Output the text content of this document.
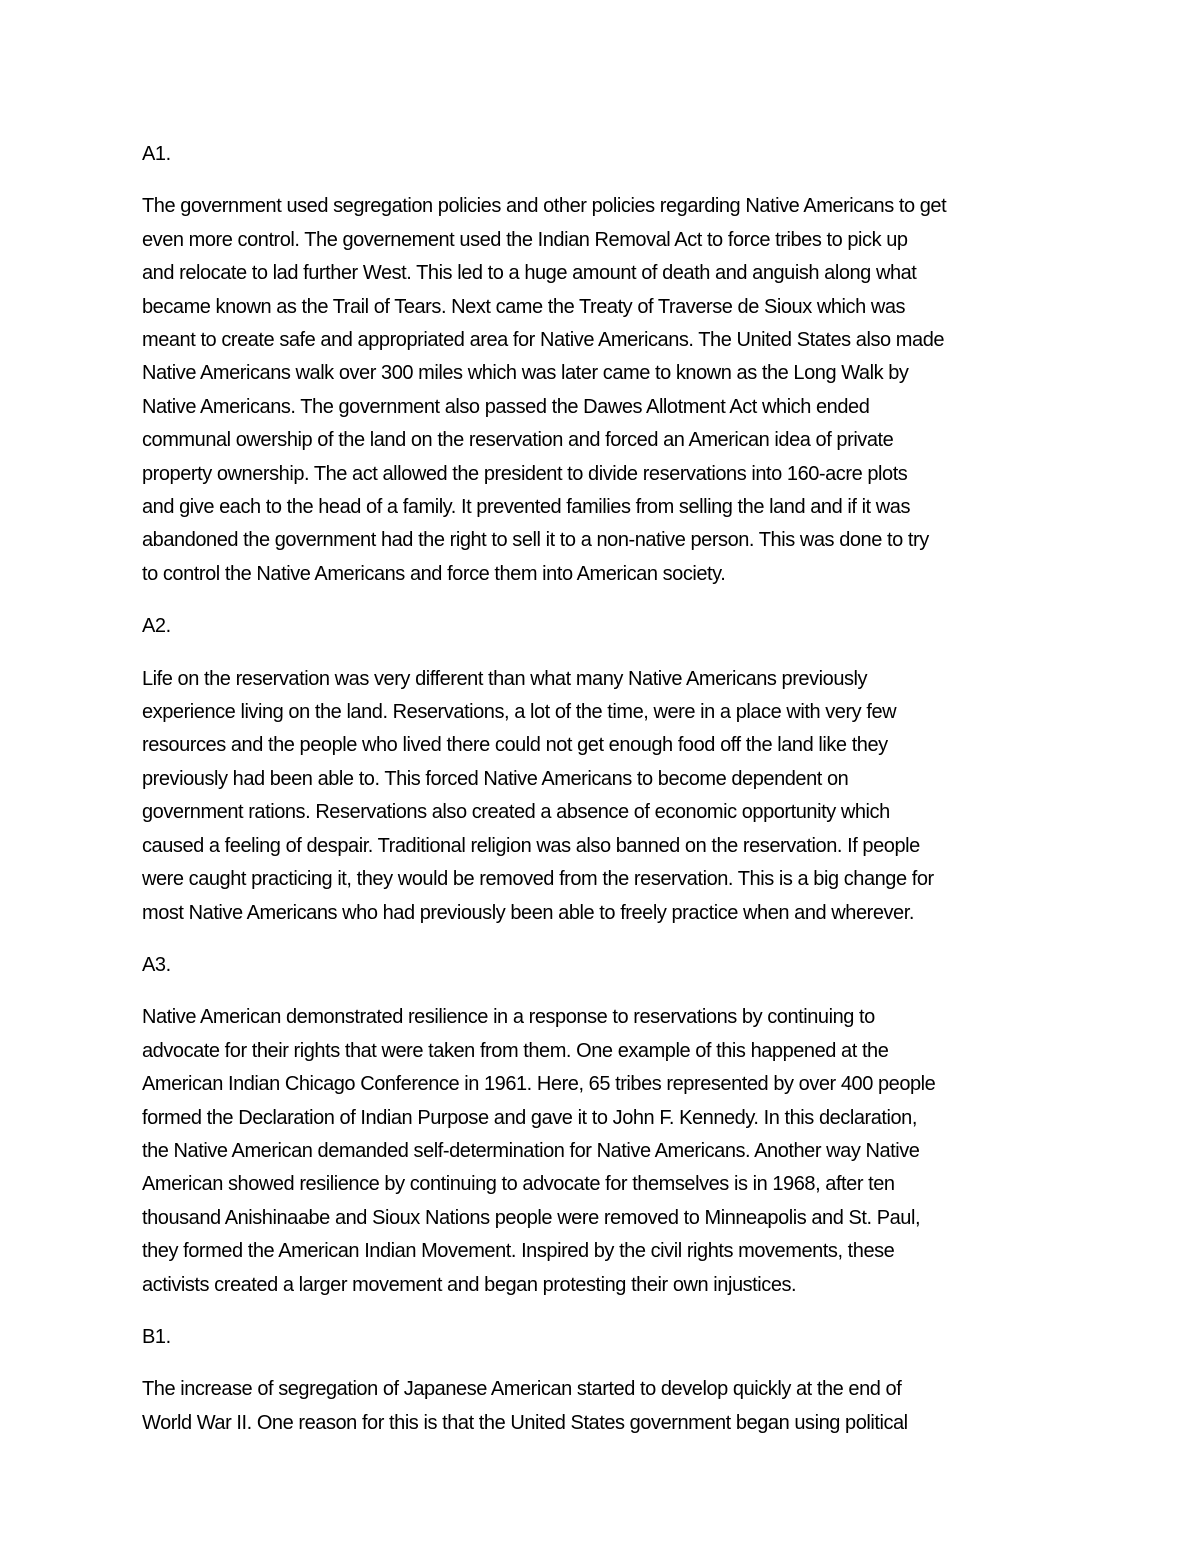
A1.
The government used segregation policies and other policies regarding Native Americans to get
even more control. The governement used the Indian Removal Act to force tribes to pick up
and relocate to lad further West. This led to a huge amount of death and anguish along what
became known as the Trail of Tears. Next came the Treaty of Traverse de Sioux which was
meant to create safe and appropriated area for Native Americans. The United States also made
Native Americans walk over 300 miles which was later came to known as the Long Walk by
Native Americans. The government also passed the Dawes Allotment Act which ended
communal owership of the land on the reservation and forced an American idea of private
property ownership. The act allowed the president to divide reservations into 160-acre plots
and give each to the head of a family. It prevented families from selling the land and if it was
abandoned the government had the right to sell it to a non-native person. This was done to try
to control the Native Americans and force them into American society.
A2.
Life on the reservation was very different than what many Native Americans previously
experience living on the land. Reservations, a lot of the time, were in a place with very few
resources and the people who lived there could not get enough food off the land like they
previously had been able to. This forced Native Americans to become dependent on
government rations. Reservations also created a absence of economic opportunity which
caused a feeling of despair. Traditional religion was also banned on the reservation. If people
were caught practicing it, they would be removed from the reservation. This is a big change for
most Native Americans who had previously been able to freely practice when and wherever.
A3.
Native American demonstrated resilience in a response to reservations by continuing to
advocate for their rights that were taken from them. One example of this happened at the
American Indian Chicago Conference in 1961. Here, 65 tribes represented by over 400 people
formed the Declaration of Indian Purpose and gave it to John F. Kennedy. In this declaration,
the Native American demanded self-determination for Native Americans. Another way Native
American showed resilience by continuing to advocate for themselves is in 1968, after ten
thousand Anishinaabe and Sioux Nations people were removed to Minneapolis and St. Paul,
they formed the American Indian Movement. Inspired by the civil rights movements, these
activists created a larger movement and began protesting their own injustices.
B1.
The increase of segregation of Japanese American started to develop quickly at the end of
World War II. One reason for this is that the United States government began using political
